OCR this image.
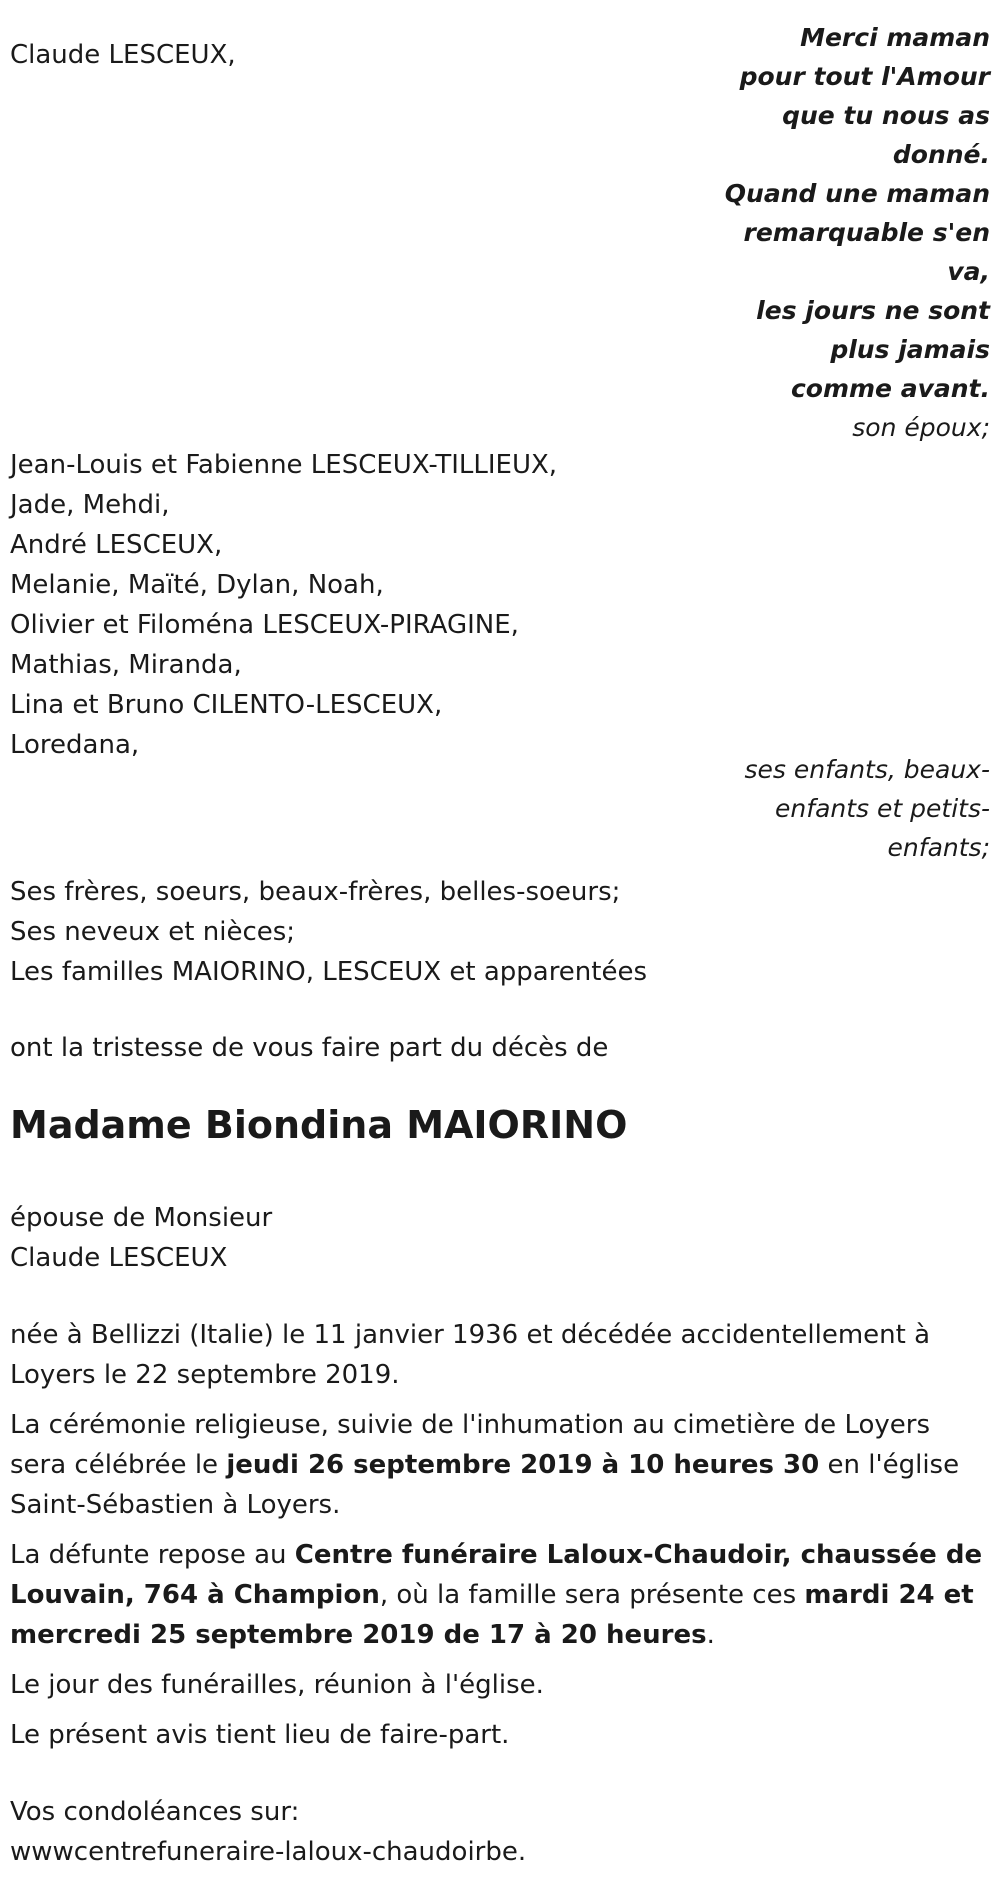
Claude LESCEUX,
Merci maman
pour tout l'Amour
que tu nous as
donné.
Quand une maman
remarquable s'en
va,
les jours ne sont
plus jamais
comme avant.
son époux;
Jean-Louis et Fabienne LESCEUX-TILLIEUX,
Jade, Mehdi,
André LESCEUX,
Melanie, Maïté, Dylan, Noah,
Olivier et Filoména LESCEUX-PIRAGINE,
Mathias, Miranda,
Lina et Bruno CILENTO-LESCEUX,
Loredana,
ses enfants, beaux-
enfants et petits-
enfants;
Ses frères, soeurs, beaux-frères, belles-soeurs;
Ses neveux et nièces;
Les familles MAIORINO, LESCEUX et apparentées
ont la tristesse de vous faire part du décès de
Madame Biondina MAIORINO
épouse de Monsieur
Claude LESCEUX
née à Bellizzi (Italie) le 11 janvier 1936 et décédée accidentellement à
Loyers le 22 septembre 2019.
La cérémonie religieuse, suivie de l'inhumation au cimetière de Loyers
sera célébrée le jeudi 26 septembre 2019 à 10 heures 30 en l'église
Saint-Sébastien à Loyers.
La défunte repose au Centre funéraire Laloux-Chaudoir, chaussée de
Louvain, 764 à Champion, où la famille sera présente ces mardi 24 et
mercredi 25 septembre 2019 de 17 à 20 heures.
Le jour des funérailles, réunion à l'église.
Le présent avis tient lieu de faire-part.
Vos condoléances sur:
wwwcentrefuneraire-laloux-chaudoirbe.
